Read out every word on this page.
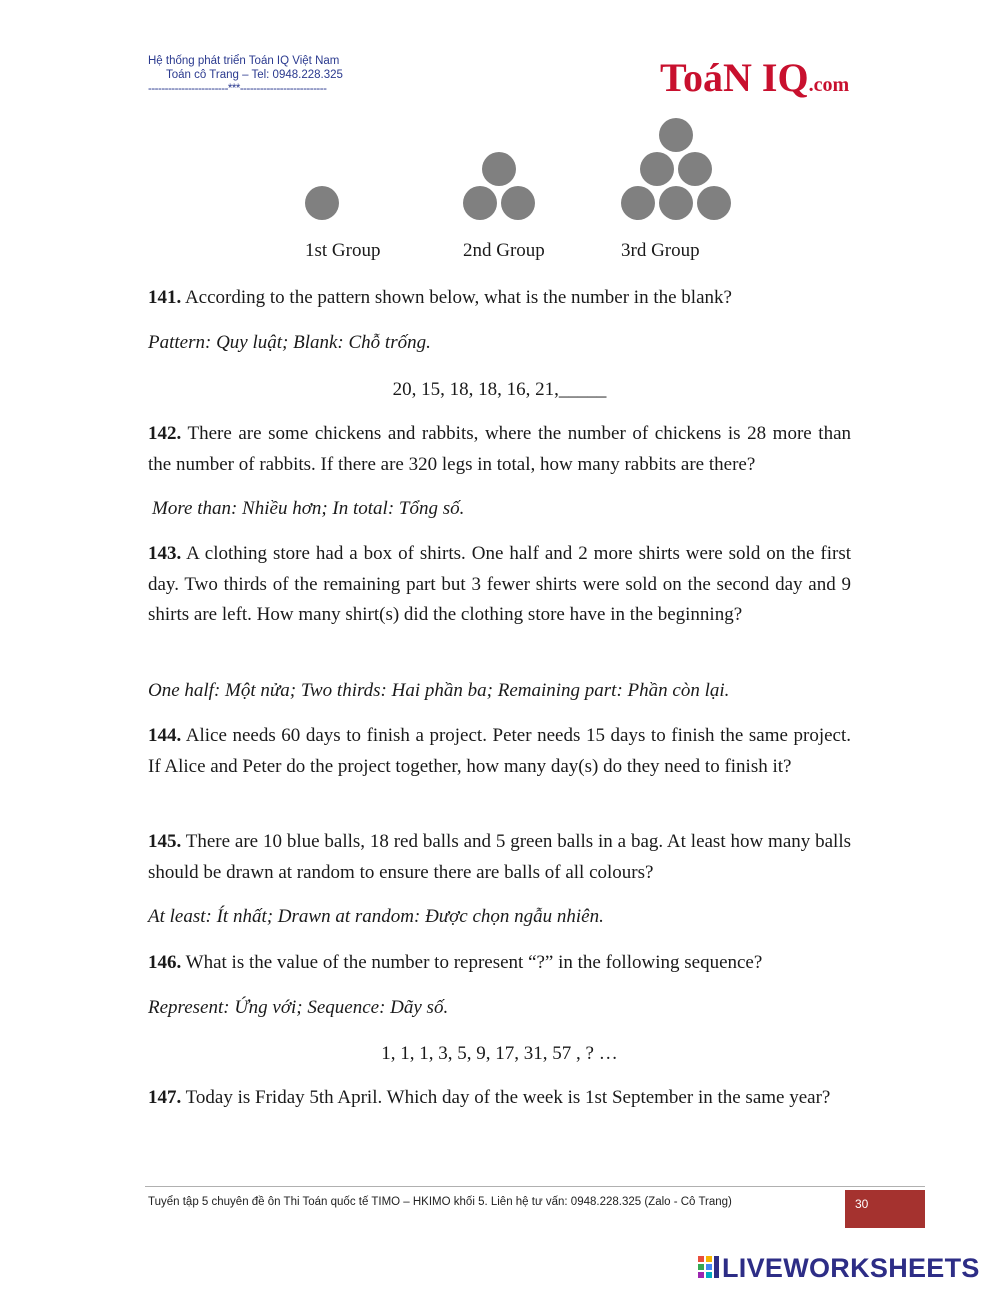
Hệ thống phát triển Toán IQ Việt Nam
Toán cô Trang – Tel: 0948.228.325
------------------------***--------------------------	ToáN IQ.com
1st Group	2nd Group	3rd Group
141. According to the pattern shown below, what is the number in the blank?
Pattern: Quy luật; Blank: Chỗ trống.
20, 15, 18, 18, 16, 21,_____
142. There are some chickens and rabbits, where the number of chickens is 28 more than the number of rabbits. If there are 320 legs in total, how many rabbits are there?
More than: Nhiều hơn; In total: Tổng số.
143. A clothing store had a box of shirts. One half and 2 more shirts were sold on the first day. Two thirds of the remaining part but 3 fewer shirts were sold on the second day and 9 shirts are left. How many shirt(s) did the clothing store have in the beginning?
One half: Một nửa; Two thirds: Hai phần ba; Remaining part: Phần còn lại.
144. Alice needs 60 days to finish a project. Peter needs 15 days to finish the same project. If Alice and Peter do the project together, how many day(s) do they need to finish it?
145. There are 10 blue balls, 18 red balls and 5 green balls in a bag. At least how many balls should be drawn at random to ensure there are balls of all colours?
At least: Ít nhất; Drawn at random: Được chọn ngẫu nhiên.
146. What is the value of the number to represent “?” in the following sequence?
Represent: Ứng với; Sequence: Dãy số.
1, 1, 1, 3, 5, 9, 17, 31, 57 , ? …
147. Today is Friday 5th April. Which day of the week is 1st September in the same year?
Tuyển tập 5 chuyên đề ôn Thi Toán quốc tế TIMO – HKIMO khối 5. Liên hệ tư vấn: 0948.228.325 (Zalo - Cô Trang)	30
LIVEWORKSHEETS
